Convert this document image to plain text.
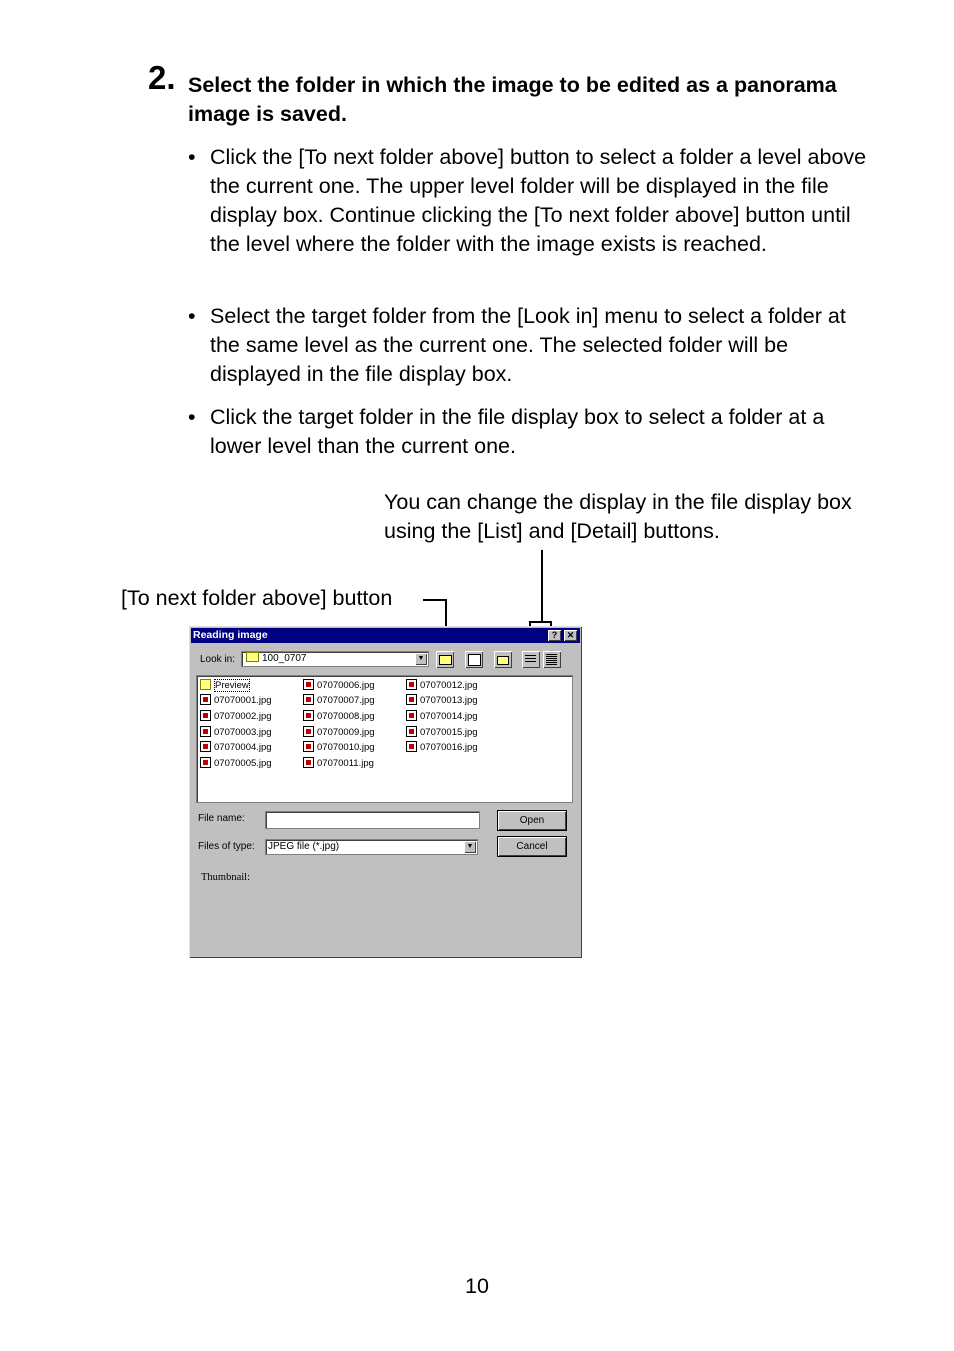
2. Select the folder in which the image to be edited as a panorama image is saved.
• Click the [To next folder above] button to select a folder a level above the current one. The upper level folder will be displayed in the file display box. Continue clicking the [To next folder above] button until the level where the folder with the image exists is reached.
• Select the target folder from the [Look in] menu to select a folder at the same level as the current one. The selected folder will be displayed in the file display box.
• Click the target folder in the file display box to select a folder at a lower level than the current one.
You can change the display in the file display box using the [List] and [Detail] buttons.
[To next folder above] button
Reading image	?	✕
Look in:	100_0707	▼
Preview
07070001.jpg
07070002.jpg
07070003.jpg
07070004.jpg
07070005.jpg
07070006.jpg
07070007.jpg
07070008.jpg
07070009.jpg
07070010.jpg
07070011.jpg
07070012.jpg
07070013.jpg
07070014.jpg
07070015.jpg
07070016.jpg
File name:	Open
Files of type:	JPEG file (*.jpg)	▼	Cancel
Thumbnail:
10
